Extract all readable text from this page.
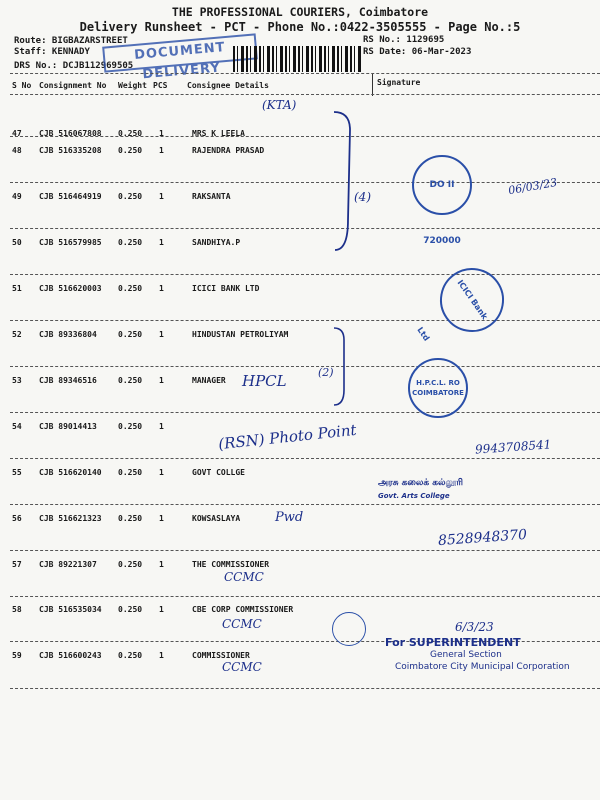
THE PROFESSIONAL COURIERS, Coimbatore
Delivery Runsheet - PCT - Phone No.:0422-3505555 - Page No.:5
Route: BIGBAZARSTREET
Staff: KENNADY
DRS No.: DCJB112969505
RS No.: 1129695
RS Date: 06-Mar-2023
DOCUMENT DELIVERY
S No Consignment No Weight PCS Consignee Details	Signature
47 CJB 516067808 0.250 1	MRS K LEELA
48 CJB 516335208 0.250 1	RAJENDRA PRASAD
49 CJB 516464919 0.250 1	RAKSANTA
50 CJB 516579985 0.250 1	SANDHIYA.P
51 CJB 516620003 0.250 1	ICICI BANK LTD
52 CJB 89336804	0.250 1	HINDUSTAN PETROLIYAM
53 CJB 89346516	0.250 1	MANAGER
54 CJB 89014413	0.250 1
55 CJB 516620140 0.250 1	GOVT COLLGE
56 CJB 516621323 0.250 1	KOWSASLAYA
57 CJB 89221307	0.250 1	THE COMMISSIONER
58 CJB 516535034 0.250 1	CBE CORP COMMISSIONER
59 CJB 516600243 0.250 1	COMMISSIONER
(KTA)
(4)	06/03/23
HPCL	(2)
(RSN) Photo Point	9943708541
Pwd
8528948370
CCMC
CCMC	6/3/23
CCMC
DO II 720000
ICICI Bank Ltd
H.P.C.L. RO COIMBATORE
அரசு கலைக் கல்லூரி
Govt. Arts College
For SUPERINTENDENT
General Section
Coimbatore City Municipal Corporation
